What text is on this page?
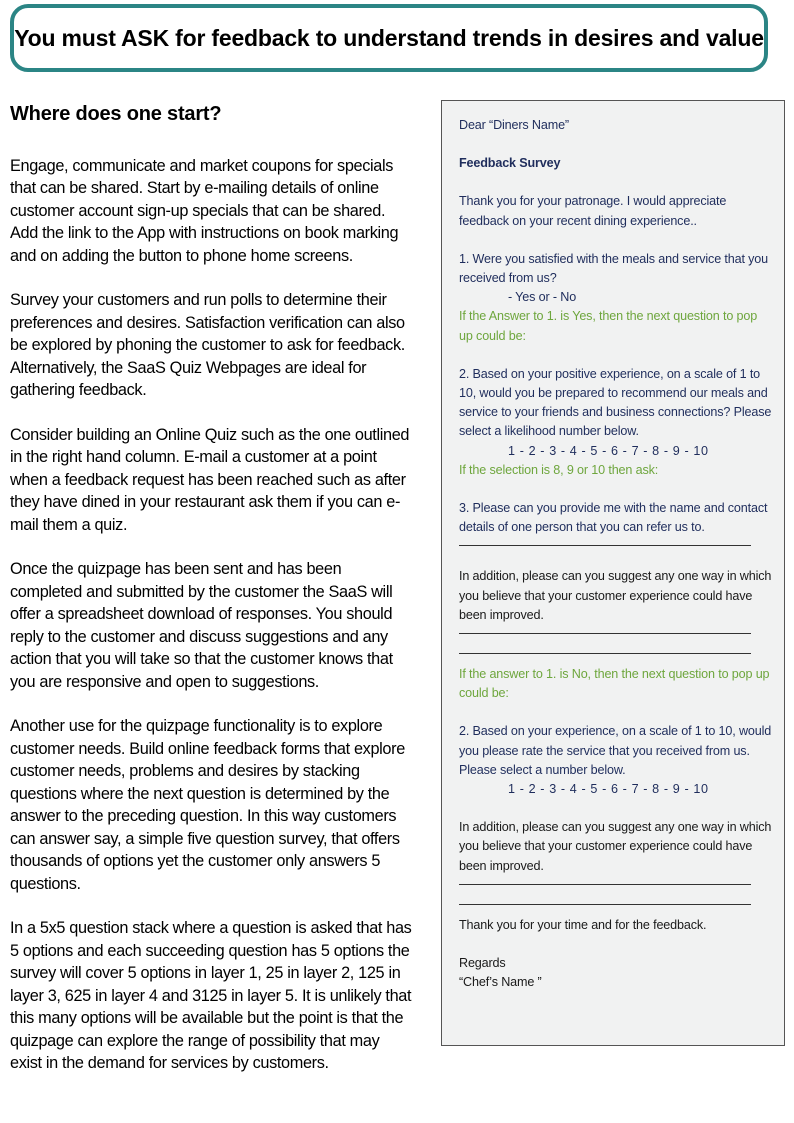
You must ASK for feedback to understand trends in desires and value
Where does one start?

Engage, communicate and market coupons for specials that can be shared. Start by e-mailing details of online customer account sign-up specials that can be shared. Add the link to the App with instructions on book marking and on adding the button to phone home screens.

Survey your customers and run polls to determine their preferences and desires. Satisfaction verification can also be explored by phoning the customer to ask for feedback. Alternatively, the SaaS Quiz Webpages are ideal for gathering feedback.

Consider building an Online Quiz such as the one outlined in the right hand column. E-mail a customer at a point when a feedback request has been reached such as after they have dined in your restaurant ask them if you can e-mail them a quiz.

Once the quizpage has been sent and has been completed and submitted by the customer the SaaS will offer a spreadsheet download of responses. You should reply to the customer and discuss suggestions and any action that you will take so that the customer knows that you are responsive and open to suggestions.

Another use for the quizpage functionality is to explore customer needs. Build online feedback forms that explore customer needs, problems and desires by stacking questions where the next question is determined by the answer to the preceding question. In this way customers can answer say, a simple five question survey, that offers thousands of options yet the customer only answers 5 questions.

In a 5x5 question stack where a question is asked that has 5 options and each succeeding question has 5 options the survey will cover 5 options in layer 1, 25 in layer 2, 125 in layer 3, 625 in layer 4 and 3125 in layer 5. It is unlikely that this many options will be available but the point is that the quizpage can explore the range of possibility that may exist in the demand for services by customers.

Dear “Diners Name”

Feedback Survey

Thank you for your patronage. I would appreciate feedback on your recent dining experience..

1. Were you satisfied with the meals and service that you received from us?

- Yes or - No

If the Answer to 1. is Yes, then the next question to pop up could be:

2. Based on your positive experience, on a scale of 1 to 10, would you be prepared to recommend our meals and service to your friends and business connections? Please select a likelihood number below.

1 - 2 - 3 - 4 - 5 - 6 - 7 - 8 - 9 - 10

If the selection is 8, 9 or 10 then ask:

3. Please can you provide me with the name and contact details of one person that you can refer us to.

In addition, please can you suggest any one way in which you believe that your customer experience could have been improved.

If the answer to 1. is No, then the next question to pop up could be:

2. Based on your experience, on a scale of 1 to 10, would you please rate the service that you received from us. Please select a number below.

1 - 2 - 3 - 4 - 5 - 6 - 7 - 8 - 9 - 10

In addition, please can you suggest any one way in which you believe that your customer experience could have been improved.

Thank you for your time and for the feedback.

Regards

“Chef’s Name ”
